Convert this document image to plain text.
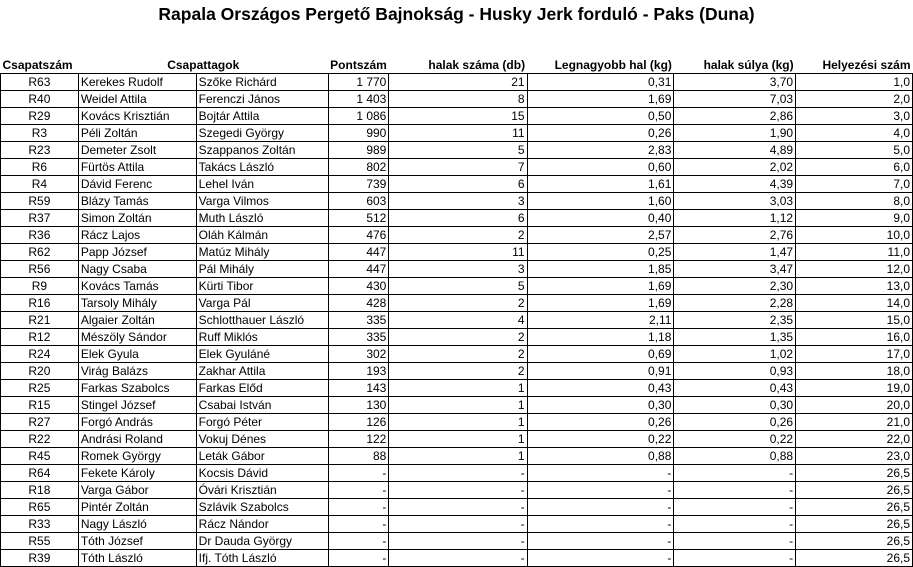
Rapala Országos Pergető Bajnokság - Husky Jerk forduló - Paks (Duna)
Csapatszám	Csapattagok		Pontszám	halak száma (db)	Legnagyobb hal (kg)	halak súlya (kg)	Helyezési szám
R63	Kerekes Rudolf	Szőke Richárd	1 770	21	0,31	3,70	1,0
R40	Weidel Attila	Ferenczi János	1 403	8	1,69	7,03	2,0
R29	Kovács Krisztián	Bojtár Attila	1 086	15	0,50	2,86	3,0
R3	Péli Zoltán	Szegedi György	990	11	0,26	1,90	4,0
R23	Demeter Zsolt	Szappanos Zoltán	989	5	2,83	4,89	5,0
R6	Fürtös Attila	Takács László	802	7	0,60	2,02	6,0
R4	Dávid Ferenc	Lehel Iván	739	6	1,61	4,39	7,0
R59	Blázy Tamás	Varga Vilmos	603	3	1,60	3,03	8,0
R37	Simon Zoltán	Muth László	512	6	0,40	1,12	9,0
R36	Rácz Lajos	Oláh Kálmán	476	2	2,57	2,76	10,0
R62	Papp József	Matúz Mihály	447	11	0,25	1,47	11,0
R56	Nagy Csaba	Pál Mihály	447	3	1,85	3,47	12,0
R9	Kovács Tamás	Kürti Tibor	430	5	1,69	2,30	13,0
R16	Tarsoly Mihály	Varga Pál	428	2	1,69	2,28	14,0
R21	Algaier Zoltán	Schlotthauer László	335	4	2,11	2,35	15,0
R12	Mészöly Sándor	Ruff Miklós	335	2	1,18	1,35	16,0
R24	Elek Gyula	Elek Gyuláné	302	2	0,69	1,02	17,0
R20	Virág Balázs	Zakhar Attila	193	2	0,91	0,93	18,0
R25	Farkas Szabolcs	Farkas Előd	143	1	0,43	0,43	19,0
R15	Stingel József	Csabai István	130	1	0,30	0,30	20,0
R27	Forgó András	Forgó Péter	126	1	0,26	0,26	21,0
R22	Andrási Roland	Vokuj Dénes	122	1	0,22	0,22	22,0
R45	Romek György	Leták Gábor	88	1	0,88	0,88	23,0
R64	Fekete Károly	Kocsis Dávid	-	-	-	-	26,5
R18	Varga Gábor	Óvári Krisztián	-	-	-	-	26,5
R65	Pintér Zoltán	Szlávik Szabolcs	-	-	-	-	26,5
R33	Nagy László	Rácz Nándor	-	-	-	-	26,5
R55	Tóth József	Dr Dauda György	-	-	-	-	26,5
R39	Tóth László	Ifj. Tóth László	-	-	-	-	26,5
